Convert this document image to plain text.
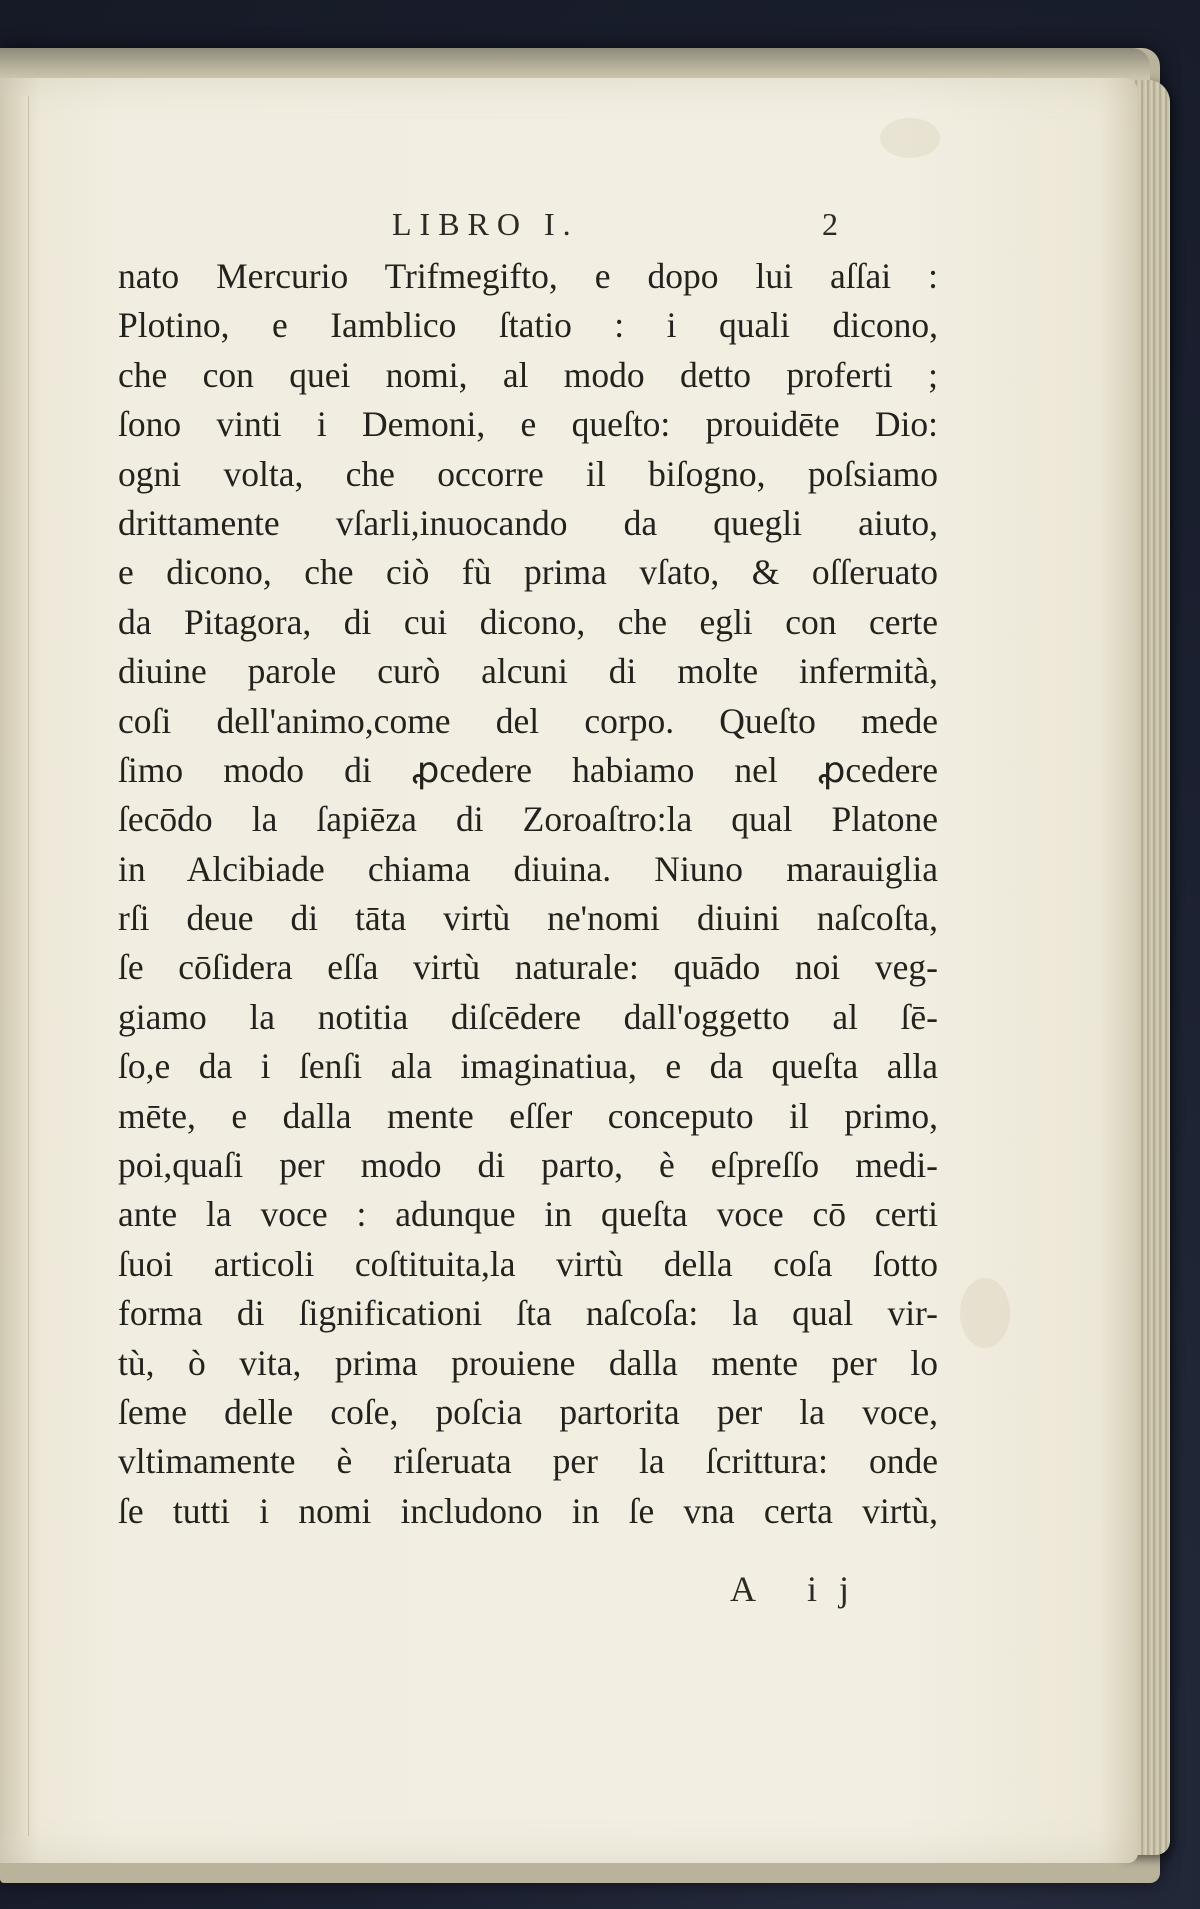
LIBRO I.	2
nato Mercurio Trifmegifto, e dopo lui aſſai :
Plotino, e Iamblico ſtatio : i quali dicono,
che con quei nomi, al modo detto proferti ;
ſono vinti i Demoni, e queſto: prouidēte Dio:
ogni volta, che occorre il biſogno, poſsiamo
drittamente vſarli,inuocando da quegli aiuto,
e dicono, che ciò fù prima vſato, & oſſeruato
da Pitagora, di cui dicono, che egli con certe
diuine parole curò alcuni di molte infermità,
coſi dell'animo,come del corpo. Queſto mede
ſimo modo di ꝓcedere habiamo nel ꝓcedere
ſecōdo la ſapiēza di Zoroaſtro:la qual Platone
in Alcibiade chiama diuina. Niuno marauiglia
rſi deue di tāta virtù ne'nomi diuini naſcoſta,
ſe cōſidera eſſa virtù naturale: quādo noi veg-
giamo la notitia diſcēdere dall'oggetto al ſē-
ſo,e da i ſenſi ala imaginatiua, e da queſta alla
mēte, e dalla mente eſſer conceputo il primo,
poi,quaſi per modo di parto, è eſpreſſo medi-
ante la voce : adunque in queſta voce cō certi
ſuoi articoli coſtituita,la virtù della coſa ſotto
forma di ſignificationi ſta naſcoſa: la qual vir-
tù, ò vita, prima prouiene dalla mente per lo
ſeme delle coſe, poſcia partorita per la voce,
vltimamente è riſeruata per la ſcrittura: onde
ſe tutti i nomi includono in ſe vna certa virtù,
A ij
